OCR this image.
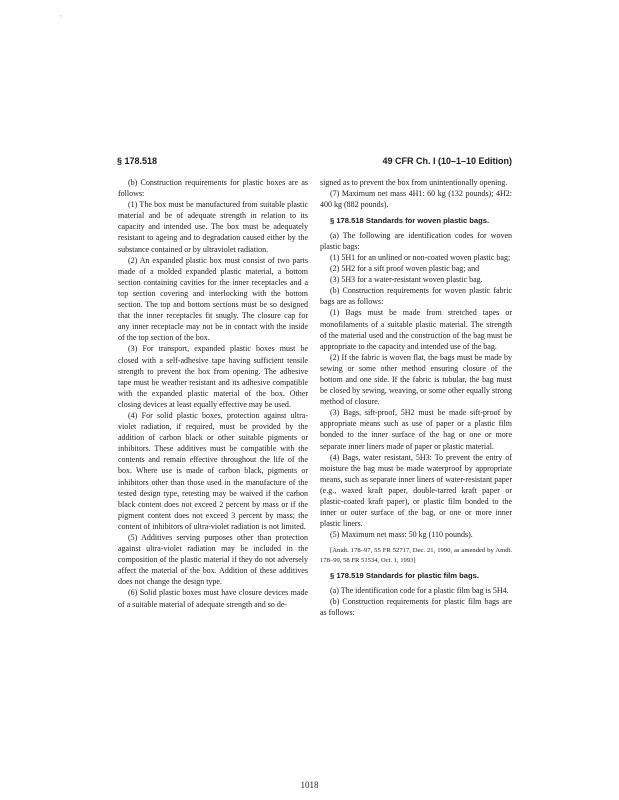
:
§ 178.518	49 CFR Ch. I (10–1–10 Edition)

(b) Construction requirements for plastic boxes are as follows:

(1) The box must be manufactured from suitable plastic material and be of adequate strength in relation to its capacity and intended use. The box must be adequately resistant to ageing and to degradation caused either by the substance contained or by ultraviolet radiation.

(2) An expanded plastic box must consist of two parts made of a molded expanded plastic material, a bottom section containing cavities for the inner receptacles and a top section covering and interlocking with the bottom section. The top and bottom sections must be so designed that the inner receptacles fit snugly. The closure cap for any inner receptacle may not be in contact with the inside of the top section of the box.

(3) For transport, expanded plastic boxes must be closed with a self-adhesive tape having sufficient tensile strength to prevent the box from opening. The adhesive tape must be weather resistant and its adhesive compatible with the expanded plastic material of the box. Other closing devices at least equally effective may be used.

(4) For solid plastic boxes, protection against ultra-violet radiation, if required, must be provided by the addition of carbon black or other suitable pigments or inhibitors. These additives must be compatible with the contents and remain effective throughout the life of the box. Where use is made of carbon black, pigments or inhibitors other than those used in the manufacture of the tested design type, retesting may be waived if the carbon black content does not exceed 2 percent by mass or if the pigment content does not exceed 3 percent by mass; the content of inhibitors of ultra-violet radiation is not limited.

(5) Additives serving purposes other than protection against ultra-violet radiation may be included in the composition of the plastic material if they do not adversely affect the material of the box. Addition of these additives does not change the design type.

(6) Solid plastic boxes must have closure devices made of a suitable material of adequate strength and so de-

signed as to prevent the box from unintentionally opening.

(7) Maximum net mass 4H1: 60 kg (132 pounds); 4H2: 400 kg (882 pounds).

§ 178.518 Standards for woven plastic bags.

(a) The following are identification codes for woven plastic bags:

(1) 5H1 for an unlined or non-coated woven plastic bag;

(2) 5H2 for a sift proof woven plastic bag; and

(3) 5H3 for a water-resistant woven plastic bag.

(b) Construction requirements for woven plastic fabric bags are as follows:

(1) Bags must be made from stretched tapes or monofilaments of a suitable plastic material. The strength of the material used and the construction of the bag must be appropriate to the capacity and intended use of the bag.

(2) If the fabric is woven flat, the bags must be made by sewing or some other method ensuring closure of the bottom and one side. If the fabric is tubular, the bag must be closed by sewing, weaving, or some other equally strong method of closure.

(3) Bags, sift-proof, 5H2 must be made sift-proof by appropriate means such as use of paper or a plastic film bonded to the inner surface of the bag or one or more separate inner liners made of paper or plastic material.

(4) Bags, water resistant, 5H3: To prevent the entry of moisture the bag must be made waterproof by appropriate means, such as separate inner liners of water-resistant paper (e.g., waxed kraft paper, double-tarred kraft paper or plastic-coated kraft paper), or plastic film bonded to the inner or outer surface of the bag, or one or more inner plastic liners.

(5) Maximum net mass: 50 kg (110 pounds).

[Amdt. 178–97, 55 FR 52717, Dec. 21, 1990, as amended by Amdt. 178–99, 58 FR 51534, Oct. 1, 1993]

§ 178.519 Standards for plastic film bags.

(a) The identification code for a plastic film bag is 5H4.

(b) Construction requirements for plastic film bags are as follows:

1018
